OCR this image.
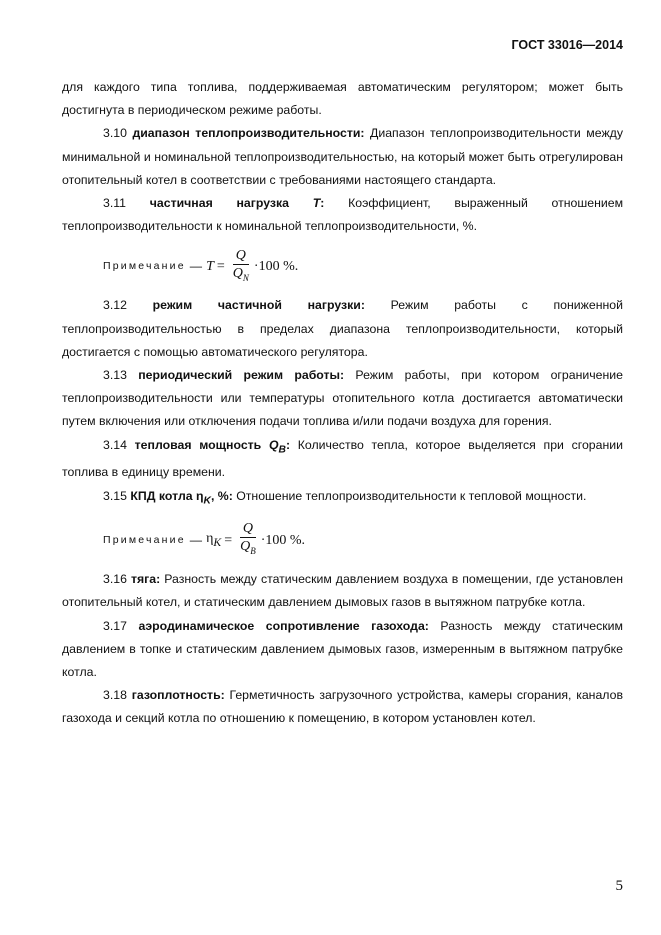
ГОСТ 33016—2014

для каждого типа топлива, поддерживаемая автоматическим регулятором; может быть достигнута в периодическом режиме работы.

3.10 диапазон теплопроизводительности: Диапазон теплопроизводительности между минимальной и номинальной теплопроизводительностью, на который может быть отрегулирован отопительный котел в соответствии с требованиями настоящего стандарта.

3.11 частичная нагрузка T: Коэффициент, выраженный отношением теплопроизводительности к номинальной теплопроизводительности, %.

Примечание — $T = \frac{Q}{Q_N} \cdot 100$ % .

3.12 режим частичной нагрузки: Режим работы с пониженной теплопроизводительностью в пределах диапазона теплопроизводительности, который достигается с помощью автоматического регулятора.

3.13 периодический режим работы: Режим работы, при котором ограничение теплопроизводительности или температуры отопительного котла достигается автоматически путем включения или отключения подачи топлива и/или подачи воздуха для горения.

3.14 тепловая мощность $Q_B$: Количество тепла, которое выделяется при сгорании топлива в единицу времени.

3.15 КПД котла $\eta_K$, %: Отношение теплопроизводительности к тепловой мощности.

Примечание — $\eta_K = \frac{Q}{Q_B} \cdot 100$ % .

3.16 тяга: Разность между статическим давлением воздуха в помещении, где установлен отопительный котел, и статическим давлением дымовых газов в вытяжном патрубке котла.

3.17 аэродинамическое сопротивление газохода: Разность между статическим давлением в топке и статическим давлением дымовых газов, измеренным в вытяжном патрубке котла.

3.18 газоплотность: Герметичность загрузочного устройства, камеры сгорания, каналов газохода и секций котла по отношению к помещению, в котором установлен котел.

5
